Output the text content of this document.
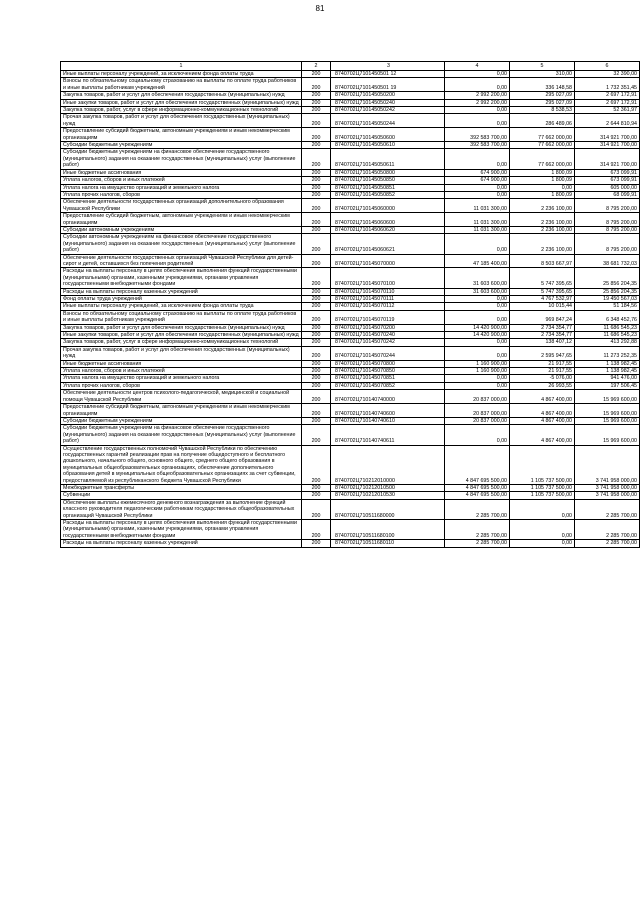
81
1	2	3	4	5	6
Иные выплаты персоналу учреждений, за исключением фонда оплаты труда	200	8740702Ц7101450501 12	0,00	310,00	32 390,00
Взносы по обязательному социальному страхованию на выплаты по оплате труда работников и иные выплаты работникам учреждений	200	8740702Ц7101450501 19	0,00	336 148,58	1 732 351,45
Закупка товаров, работ и услуг для обеспечения государственных (муниципальных) нужд	200	8740702Ц710145050200	2 992 200,00	295 027,09	2 697 172,91
Иные закупки товаров, работ и услуг для обеспечения государственных (муниципальных) нужд	200	8740702Ц710145050240	2 992 200,00	295 027,09	2 697 172,91
Закупка товаров, работ, услуг в сфере информационно-коммуникационных технологий	200	8740702Ц710145050242	0,00	8 538,53	52 361,97
Прочая закупка товаров, работ и услуг для обеспечения государственных (муниципальных) нужд	200	8740702Ц710145050244	0,00	286 489,06	2 644 810,94
Предоставление субсидий бюджетным, автономным учреждениям и иным некоммерческим организациям	200	8740702Ц710145050600	392 583 700,00	77 662 000,00	314 921 700,00
Субсидии бюджетным учреждениям	200	8740702Ц710145050610	392 583 700,00	77 662 000,00	314 921 700,00
Субсидии бюджетным учреждениям на финансовое обеспечение государственного (муниципального) задания на оказание государственных (муниципальных) услуг (выполнение работ)	200	8740702Ц710145050611	0,00	77 662 000,00	314 921 700,00
Иные бюджетные ассигнования	200	8740702Ц710145050800	674 900,00	1 800,09	673 099,91
Уплата налогов, сборов и иных платежей	200	8740702Ц710145050850	674 900,00	1 800,09	673 099,91
Уплата налога на имущество организаций и земельного налога	200	8740702Ц710145050851	0,00	0,00	605 000,00
Уплата прочих налогов, сборов	200	8740702Ц710145050852	0,00	1 800,09	68 099,91
Обеспечение деятельности государственных организаций дополнительного образования Чувашской Республики	200	8740702Ц710145060000	11 031 300,00	2 236 100,00	8 795 200,00
Предоставление субсидий бюджетным, автономным учреждениям и иным некоммерческим организациям	200	8740702Ц710145060600	11 031 300,00	2 236 100,00	8 795 200,00
Субсидии автономным учреждениям	200	8740702Ц710145060620	11 031 300,00	2 236 100,00	8 795 200,00
Субсидии автономным учреждениям на финансовое обеспечение государственного (муниципального) задания на оказание государственных (муниципальных) услуг (выполнение работ)	200	8740702Ц710145060621	0,00	2 236 100,00	8 795 200,00
Обеспечение деятельности государственных организаций Чувашской Республики для детей-сирот и детей, оставшихся без попечения родителей	200	8740702Ц710145070000	47 185 400,00	8 503 667,97	38 681 732,03
Расходы на выплаты персоналу в целях обеспечения выполнения функций государственными (муниципальными) органами, казенными учреждениями, органами управления государственными внебюджетными фондами	200	8740702Ц710145070100	31 603 600,00	5 747 395,65	25 856 204,35
Расходы на выплаты персоналу казенных учреждений	200	8740702Ц710145070110	31 603 600,00	5 747 395,65	25 856 204,35
Фонд оплаты труда учреждений	200	8740702Ц710145070111	0,00	4 767 532,97	19 450 567,03
Иные выплаты персоналу учреждений, за исключением фонда оплаты труда	200	8740702Ц710145070112	0,00	10 015,44	51 184,56
Взносы по обязательному социальному страхованию на выплаты по оплате труда работников и иные выплаты работникам учреждений	200	8740702Ц710145070119	0,00	969 847,24	6 348 452,76
Закупка товаров, работ и услуг для обеспечения государственных (муниципальных) нужд	200	8740702Ц710145070200	14 420 900,00	2 734 354,77	11 686 545,23
Иные закупки товаров, работ и услуг для обеспечения государственных (муниципальных) нужд	200	8740702Ц710145070240	14 420 900,00	2 734 354,77	11 686 545,23
Закупка товаров, работ, услуг в сфере информационно-коммуникационных технологий	200	8740702Ц710145070242	0,00	138 407,12	413 292,88
Прочая закупка товаров, работ и услуг для обеспечения государственных (муниципальных) нужд	200	8740702Ц710145070244	0,00	2 595 947,65	11 273 252,35
Иные бюджетные ассигнования	200	8740702Ц710145070800	1 160 900,00	21 917,55	1 138 982,45
Уплата налогов, сборов и иных платежей	200	8740702Ц710145070850	1 160 900,00	21 917,55	1 138 982,45
Уплата налога на имущество организаций и земельного налога	200	8740702Ц710145070851	0,00	-5 076,00	941 476,00
Уплата прочих налогов, сборов	200	8740702Ц710145070852	0,00	26 993,55	197 506,45
Обеспечение деятельности центров психолого-педагогической, медицинской и социальной помощи Чувашской Республики	200	8740702Ц710140740000	20 837 000,00	4 867 400,00	15 969 600,00
Предоставление субсидий бюджетным, автономным учреждениям и иным некоммерческим организациям	200	8740702Ц710140740600	20 837 000,00	4 867 400,00	15 969 600,00
Субсидии бюджетным учреждениям	200	8740702Ц710140740610	20 837 000,00	4 867 400,00	15 969 600,00
Субсидии бюджетным учреждениям на финансовое обеспечение государственного (муниципального) задания на оказание государственных (муниципальных) услуг (выполнение работ)	200	8740702Ц710140740611	0,00	4 867 400,00	15 969 600,00
Осуществление государственных полномочий Чувашской Республики по обеспечению государственных гарантий реализации прав на получение общедоступного и бесплатного дошкольного, начального общего, основного общего, среднего общего образования в муниципальных общеобразовательных организациях, обеспечение дополнительного образования детей в муниципальных общеобразовательных организациях за счет субвенции, предоставляемой из республиканского бюджета Чувашской Республики	200	8740702Ц710212010000	4 847 695 500,00	1 105 737 500,00	3 741 958 000,00
Межбюджетные трансферты	200	8740702Ц710212010500	4 847 695 500,00	1 105 737 500,00	3 741 958 000,00
Субвенции	200	8740702Ц710212010530	4 847 695 500,00	1 105 737 500,00	3 741 958 000,00
Обеспечение выплаты ежемесячного денежного вознаграждения за выполнение функций классного руководителя педагогическим работникам государственных общеобразовательных организаций Чувашской Республики	200	8740702Ц710511680000	2 285 700,00	0,00	2 285 700,00
Расходы на выплаты персоналу в целях обеспечения выполнения функций государственными (муниципальными) органами, казенными учреждениями, органами управления государственными внебюджетными фондами	200	8740702Ц710511680100	2 285 700,00	0,00	2 285 700,00
Расходы на выплаты персоналу казенных учреждений	200	8740702Ц710511680110	2 285 700,00	0,00	2 285 700,00
